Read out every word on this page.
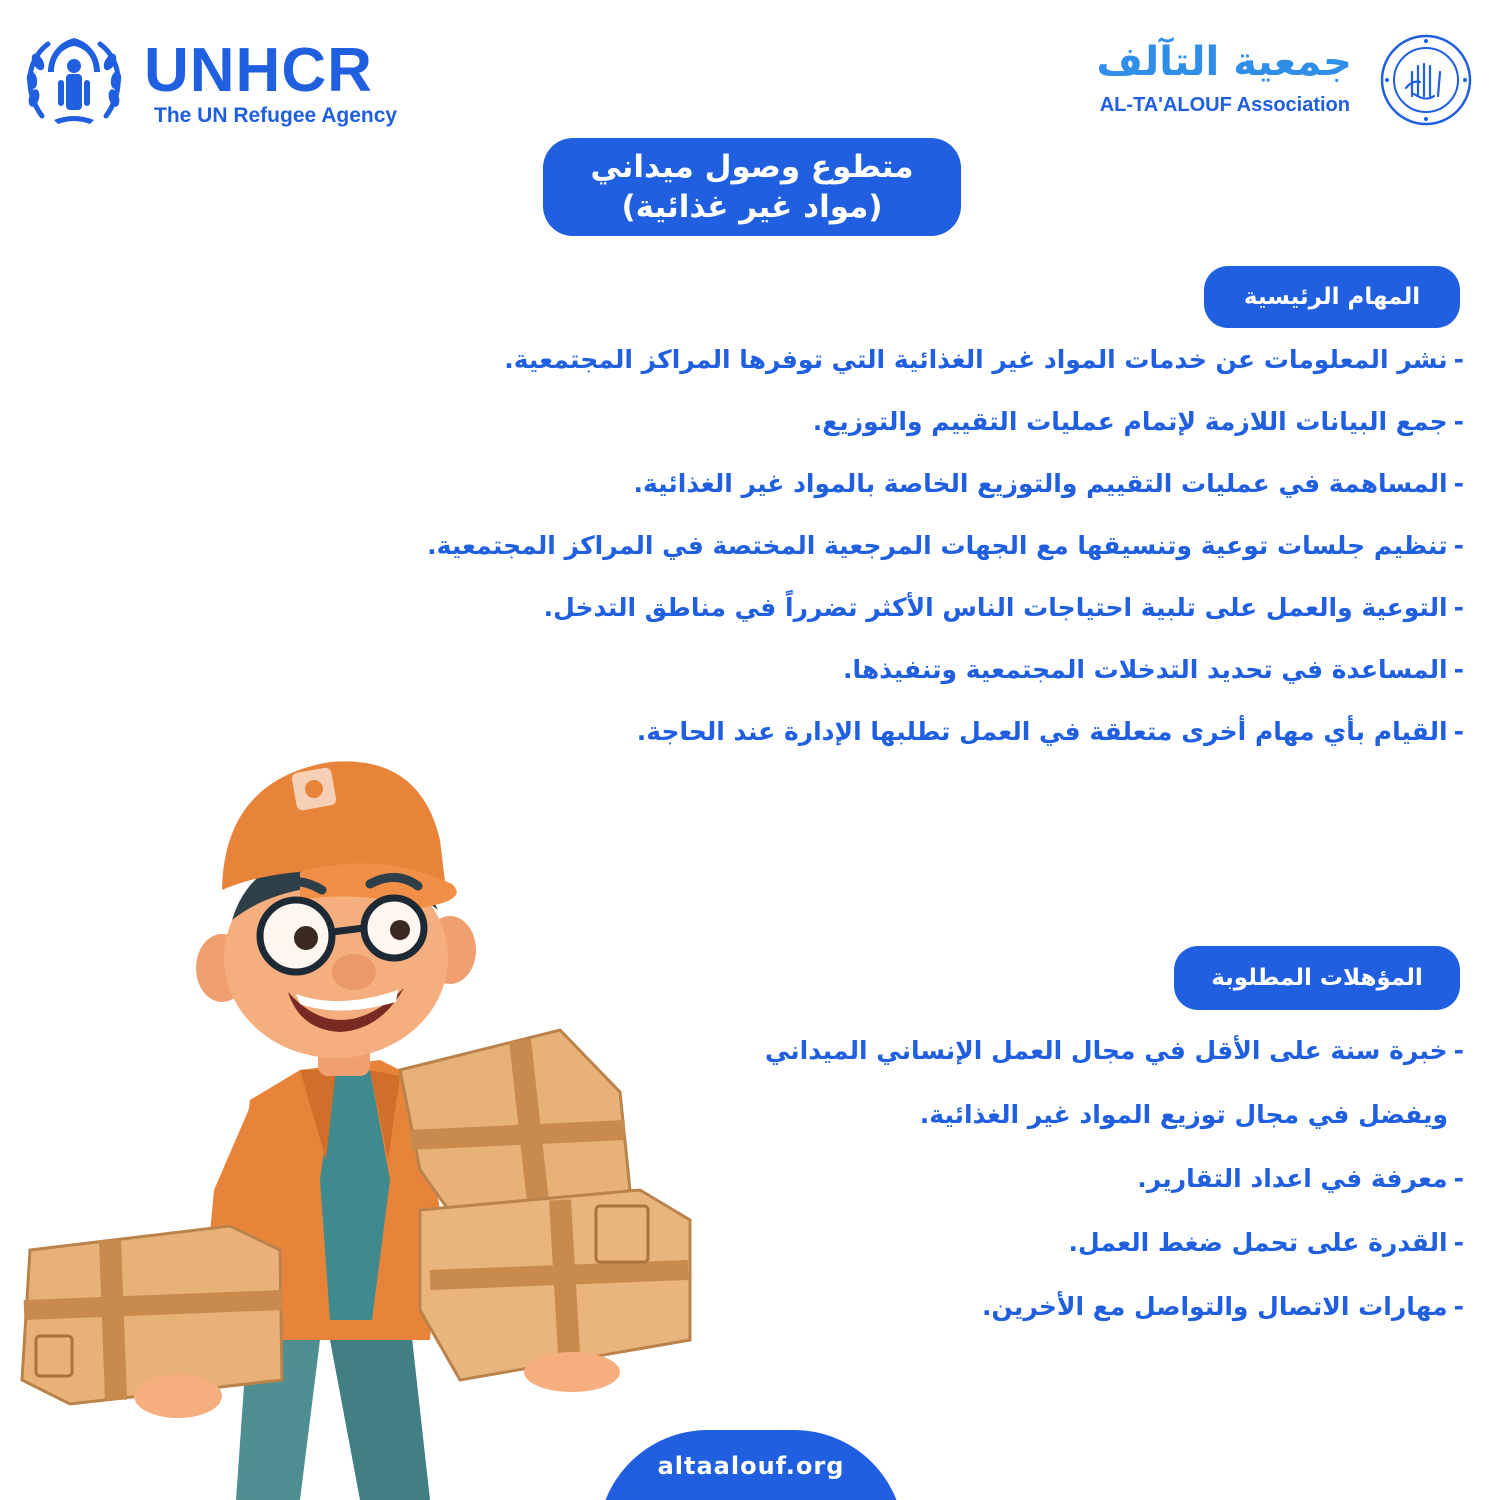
UNHCR
The UN Refugee Agency
جمعية التآلف
AL-TA'ALOUF Association
متطوع وصول ميداني
(مواد غير غذائية)
المهام الرئيسية
- نشر المعلومات عن خدمات المواد غير الغذائية التي توفرها المراكز المجتمعية.
- جمع البيانات اللازمة لإتمام عمليات التقييم والتوزيع.
- المساهمة في عمليات التقييم والتوزيع الخاصة بالمواد غير الغذائية.
- تنظيم جلسات توعية وتنسيقها مع الجهات المرجعية المختصة في المراكز المجتمعية.
- التوعية والعمل على تلبية احتياجات الناس الأكثر تضرراً في مناطق التدخل.
- المساعدة في تحديد التدخلات المجتمعية وتنفيذها.
- القيام بأي مهام أخرى متعلقة في العمل تطلبها الإدارة عند الحاجة.
المؤهلات المطلوبة
- خبرة سنة على الأقل في مجال العمل الإنساني الميداني
ويفضل في مجال توزيع المواد غير الغذائية.
- معرفة في اعداد التقارير.
- القدرة على تحمل ضغط العمل.
- مهارات الاتصال والتواصل مع الأخرين.
altaalouf.org
